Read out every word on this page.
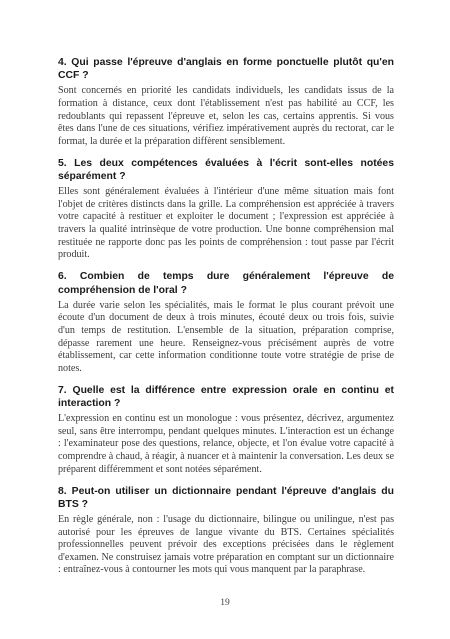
4. Qui passe l'épreuve d'anglais en forme ponctuelle plutôt qu'en CCF ?

Sont concernés en priorité les candidats individuels, les candidats issus de la formation à distance, ceux dont l'établissement n'est pas habilité au CCF, les redoublants qui repassent l'épreuve et, selon les cas, certains apprentis. Si vous êtes dans l'une de ces situations, vérifiez impérativement auprès du rectorat, car le format, la durée et la préparation diffèrent sensiblement.

5. Les deux compétences évaluées à l'écrit sont-elles notées séparément ?

Elles sont généralement évaluées à l'intérieur d'une même situation mais font l'objet de critères distincts dans la grille. La compréhension est appréciée à travers votre capacité à restituer et exploiter le document ; l'expression est appréciée à travers la qualité intrinsèque de votre production. Une bonne compréhension mal restituée ne rapporte donc pas les points de compréhension : tout passe par l'écrit produit.

6. Combien de temps dure généralement l'épreuve de compréhension de l'oral ?

La durée varie selon les spécialités, mais le format le plus courant prévoit une écoute d'un document de deux à trois minutes, écouté deux ou trois fois, suivie d'un temps de restitution. L'ensemble de la situation, préparation comprise, dépasse rarement une heure. Renseignez-vous précisément auprès de votre établissement, car cette information conditionne toute votre stratégie de prise de notes.

7. Quelle est la différence entre expression orale en continu et interaction ?

L'expression en continu est un monologue : vous présentez, décrivez, argumentez seul, sans être interrompu, pendant quelques minutes. L'interaction est un échange : l'examinateur pose des questions, relance, objecte, et l'on évalue votre capacité à comprendre à chaud, à réagir, à nuancer et à maintenir la conversation. Les deux se préparent différemment et sont notées séparément.

8. Peut-on utiliser un dictionnaire pendant l'épreuve d'anglais du BTS ?

En règle générale, non : l'usage du dictionnaire, bilingue ou unilingue, n'est pas autorisé pour les épreuves de langue vivante du BTS. Certaines spécialités professionnelles peuvent prévoir des exceptions précisées dans le règlement d'examen. Ne construisez jamais votre préparation en comptant sur un dictionnaire : entraînez-vous à contourner les mots qui vous manquent par la paraphrase.

19
